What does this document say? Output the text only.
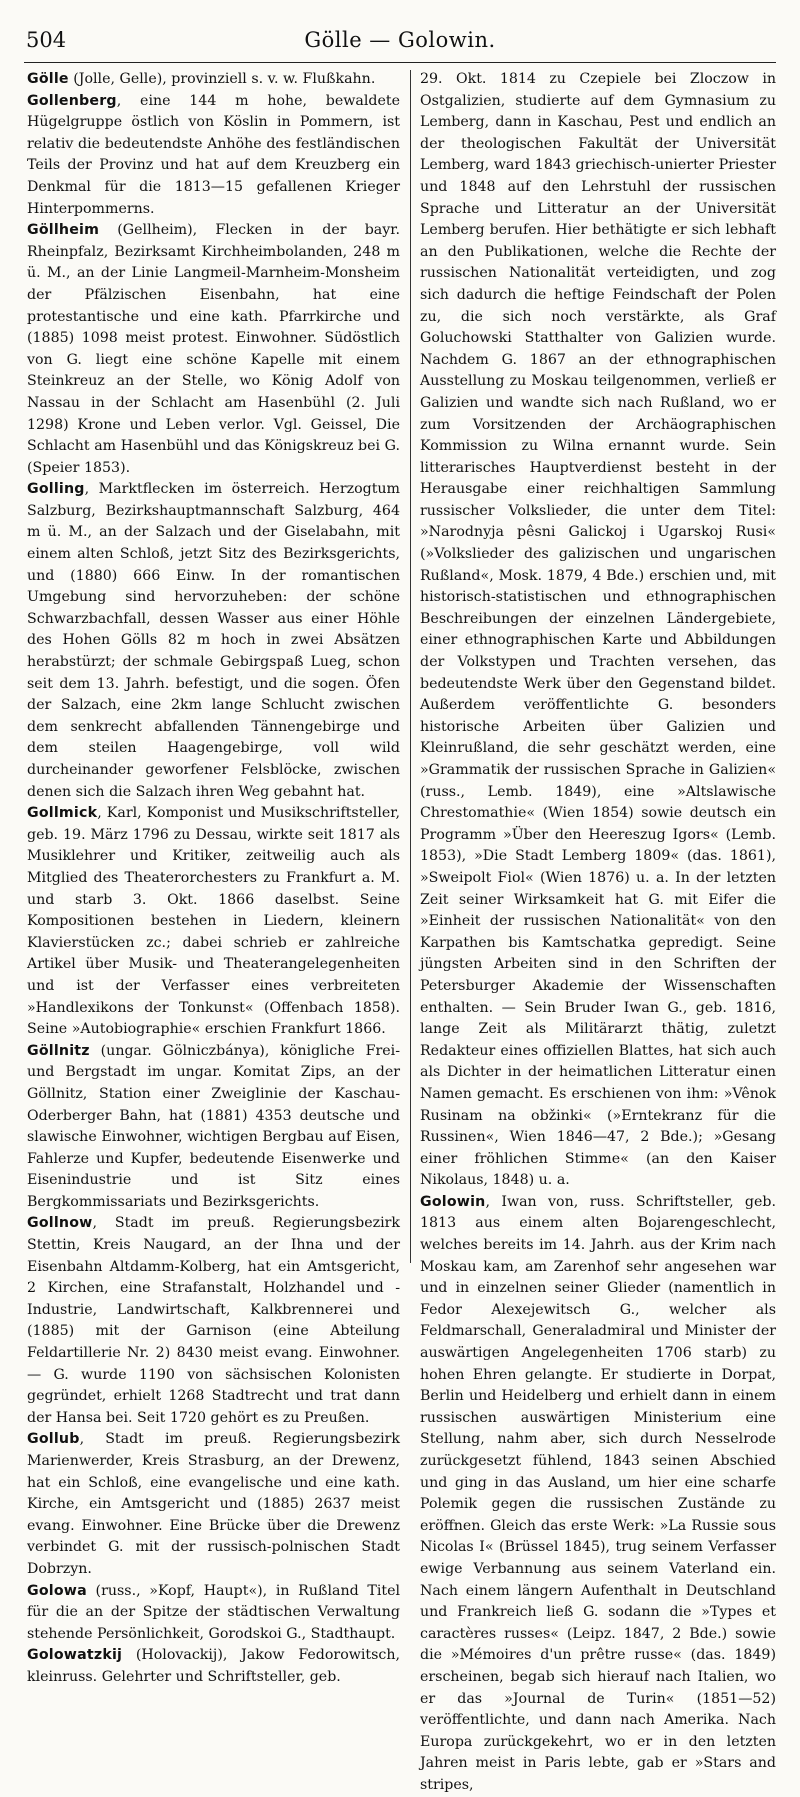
504	Gölle — Golowin.

Gölle (Jolle, Gelle), provinziell s. v. w. Flußkahn.

Gollenberg, eine 144 m hohe, bewaldete Hügelgruppe östlich von Köslin in Pommern, ist relativ die bedeutendste Anhöhe des festländischen Teils der Provinz und hat auf dem Kreuzberg ein Denkmal für die 1813—15 gefallenen Krieger Hinterpommerns.

Göllheim (Gellheim), Flecken in der bayr. Rheinpfalz, Bezirksamt Kirchheimbolanden, 248 m ü. M., an der Linie Langmeil-Marnheim-Monsheim der Pfälzischen Eisenbahn, hat eine protestantische und eine kath. Pfarrkirche und (1885) 1098 meist protest. Einwohner. Südöstlich von G. liegt eine schöne Kapelle mit einem Steinkreuz an der Stelle, wo König Adolf von Nassau in der Schlacht am Hasenbühl (2. Juli 1298) Krone und Leben verlor. Vgl. Geissel, Die Schlacht am Hasenbühl und das Königskreuz bei G. (Speier 1853).

Golling, Marktflecken im österreich. Herzogtum Salzburg, Bezirkshauptmannschaft Salzburg, 464 m ü. M., an der Salzach und der Giselabahn, mit einem alten Schloß, jetzt Sitz des Bezirksgerichts, und (1880) 666 Einw. In der romantischen Umgebung sind hervorzuheben: der schöne Schwarzbachfall, dessen Wasser aus einer Höhle des Hohen Gölls 82 m hoch in zwei Absätzen herabstürzt; der schmale Gebirgspaß Lueg, schon seit dem 13. Jahrh. befestigt, und die sogen. Öfen der Salzach, eine 2km lange Schlucht zwischen dem senkrecht abfallenden Tännengebirge und dem steilen Haagengebirge, voll wild durcheinander geworfener Felsblöcke, zwischen denen sich die Salzach ihren Weg gebahnt hat.

Gollmick, Karl, Komponist und Musikschriftsteller, geb. 19. März 1796 zu Dessau, wirkte seit 1817 als Musiklehrer und Kritiker, zeitweilig auch als Mitglied des Theaterorchesters zu Frankfurt a. M. und starb 3. Okt. 1866 daselbst. Seine Kompositionen bestehen in Liedern, kleinern Klavierstücken zc.; dabei schrieb er zahlreiche Artikel über Musik- und Theaterangelegenheiten und ist der Verfasser eines verbreiteten »Handlexikons der Tonkunst« (Offenbach 1858). Seine »Autobiographie« erschien Frankfurt 1866.

Göllnitz (ungar. Gölniczbánya), königliche Frei- und Bergstadt im ungar. Komitat Zips, an der Göllnitz, Station einer Zweiglinie der Kaschau-Oderberger Bahn, hat (1881) 4353 deutsche und slawische Einwohner, wichtigen Bergbau auf Eisen, Fahlerze und Kupfer, bedeutende Eisenwerke und Eisenindustrie und ist Sitz eines Bergkommissariats und Bezirksgerichts.

Gollnow, Stadt im preuß. Regierungsbezirk Stettin, Kreis Naugard, an der Ihna und der Eisenbahn Altdamm-Kolberg, hat ein Amtsgericht, 2 Kirchen, eine Strafanstalt, Holzhandel und -Industrie, Landwirtschaft, Kalkbrennerei und (1885) mit der Garnison (eine Abteilung Feldartillerie Nr. 2) 8430 meist evang. Einwohner. — G. wurde 1190 von sächsischen Kolonisten gegründet, erhielt 1268 Stadtrecht und trat dann der Hansa bei. Seit 1720 gehört es zu Preußen.

Gollub, Stadt im preuß. Regierungsbezirk Marienwerder, Kreis Strasburg, an der Drewenz, hat ein Schloß, eine evangelische und eine kath. Kirche, ein Amtsgericht und (1885) 2637 meist evang. Einwohner. Eine Brücke über die Drewenz verbindet G. mit der russisch-polnischen Stadt Dobrzyn.

Golowa (russ., »Kopf, Haupt«), in Rußland Titel für die an der Spitze der städtischen Verwaltung stehende Persönlichkeit, Gorodskoi G., Stadthaupt.

Golowatzkij (Holovackij), Jakow Fedorowitsch, kleinruss. Gelehrter und Schriftsteller, geb.

29. Okt. 1814 zu Czepiele bei Zloczow in Ostgalizien, studierte auf dem Gymnasium zu Lemberg, dann in Kaschau, Pest und endlich an der theologischen Fakultät der Universität Lemberg, ward 1843 griechisch-unierter Priester und 1848 auf den Lehrstuhl der russischen Sprache und Litteratur an der Universität Lemberg berufen. Hier bethätigte er sich lebhaft an den Publikationen, welche die Rechte der russischen Nationalität verteidigten, und zog sich dadurch die heftige Feindschaft der Polen zu, die sich noch verstärkte, als Graf Goluchowski Statthalter von Galizien wurde. Nachdem G. 1867 an der ethnographischen Ausstellung zu Moskau teilgenommen, verließ er Galizien und wandte sich nach Rußland, wo er zum Vorsitzenden der Archäographischen Kommission zu Wilna ernannt wurde. Sein litterarisches Hauptverdienst besteht in der Herausgabe einer reichhaltigen Sammlung russischer Volkslieder, die unter dem Titel: »Narodnyja pêsni Galickoj i Ugarskoj Rusi« (»Volkslieder des galizischen und ungarischen Rußland«, Mosk. 1879, 4 Bde.) erschien und, mit historisch-statistischen und ethnographischen Beschreibungen der einzelnen Ländergebiete, einer ethnographischen Karte und Abbildungen der Volkstypen und Trachten versehen, das bedeutendste Werk über den Gegenstand bildet. Außerdem veröffentlichte G. besonders historische Arbeiten über Galizien und Kleinrußland, die sehr geschätzt werden, eine »Grammatik der russischen Sprache in Galizien« (russ., Lemb. 1849), eine »Altslawische Chrestomathie« (Wien 1854) sowie deutsch ein Programm »Über den Heereszug Igors« (Lemb. 1853), »Die Stadt Lemberg 1809« (das. 1861), »Sweipolt Fiol« (Wien 1876) u. a. In der letzten Zeit seiner Wirksamkeit hat G. mit Eifer die »Einheit der russischen Nationalität« von den Karpathen bis Kamtschatka gepredigt. Seine jüngsten Arbeiten sind in den Schriften der Petersburger Akademie der Wissenschaften enthalten. — Sein Bruder Iwan G., geb. 1816, lange Zeit als Militärarzt thätig, zuletzt Redakteur eines offiziellen Blattes, hat sich auch als Dichter in der heimatlichen Litteratur einen Namen gemacht. Es erschienen von ihm: »Vênok Rusinam na obžinki« (»Erntekranz für die Russinen«, Wien 1846—47, 2 Bde.); »Gesang einer fröhlichen Stimme« (an den Kaiser Nikolaus, 1848) u. a.

Golowin, Iwan von, russ. Schriftsteller, geb. 1813 aus einem alten Bojarengeschlecht, welches bereits im 14. Jahrh. aus der Krim nach Moskau kam, am Zarenhof sehr angesehen war und in einzelnen seiner Glieder (namentlich in Fedor Alexejewitsch G., welcher als Feldmarschall, Generaladmiral und Minister der auswärtigen Angelegenheiten 1706 starb) zu hohen Ehren gelangte. Er studierte in Dorpat, Berlin und Heidelberg und erhielt dann in einem russischen auswärtigen Ministerium eine Stellung, nahm aber, sich durch Nesselrode zurückgesetzt fühlend, 1843 seinen Abschied und ging in das Ausland, um hier eine scharfe Polemik gegen die russischen Zustände zu eröffnen. Gleich das erste Werk: »La Russie sous Nicolas I« (Brüssel 1845), trug seinem Verfasser ewige Verbannung aus seinem Vaterland ein. Nach einem längern Aufenthalt in Deutschland und Frankreich ließ G. sodann die »Types et caractères russes« (Leipz. 1847, 2 Bde.) sowie die »Mémoires d'un prêtre russe« (das. 1849) erscheinen, begab sich hierauf nach Italien, wo er das »Journal de Turin« (1851—52) veröffentlichte, und dann nach Amerika. Nach Europa zurückgekehrt, wo er in den letzten Jahren meist in Paris lebte, gab er »Stars and stripes,
